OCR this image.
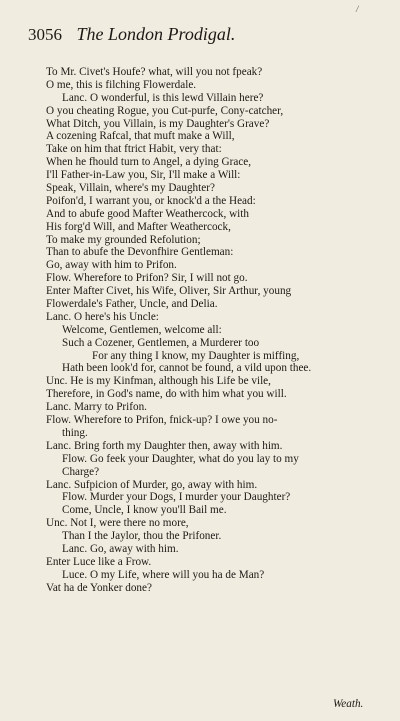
/
3056 The London Prodigal.
To Mr. Civet's Houfe? what, will you not fpeak?
O me, this is filching Flowerdale.
Lanc. O wonderful, is this lewd Villain here?
O you cheating Rogue, you Cut-purfe, Cony-catcher,
What Ditch, you Villain, is my Daughter's Grave?
A cozening Rafcal, that muft make a Will,
Take on him that ftrict Habit, very that:
When he fhould turn to Angel, a dying Grace,
I'll Father-in-Law you, Sir, I'll make a Will:
Speak, Villain, where's my Daughter?
Poifon'd, I warrant you, or knock'd a the Head:
And to abufe good Mafter Weathercock, with
His forg'd Will, and Mafter Weathercock,
To make my grounded Refolution;
Than to abufe the Devonfhire Gentleman:
Go, away with him to Prifon.
Flow. Wherefore to Prifon? Sir, I will not go.
Enter Mafter Civet, his Wife, Oliver, Sir Arthur, young
Flowerdale's Father, Uncle, and Delia.
Lanc. O here's his Uncle:
Welcome, Gentlemen, welcome all:
Such a Cozener, Gentlemen, a Murderer too
For any thing I know, my Daughter is miffing,
Hath been look'd for, cannot be found, a vild upon thee.
Unc. He is my Kinfman, although his Life be vile,
Therefore, in God's name, do with him what you will.
Lanc. Marry to Prifon.
Flow. Wherefore to Prifon, fnick-up? I owe you no-
thing.
Lanc. Bring forth my Daughter then, away with him.
Flow. Go feek your Daughter, what do you lay to my
Charge?
Lanc. Sufpicion of Murder, go, away with him.
Flow. Murder your Dogs, I murder your Daughter?
Come, Uncle, I know you'll Bail me.
Unc. Not I, were there no more,
Than I the Jaylor, thou the Prifoner.
Lanc. Go, away with him.
Enter Luce like a Frow.
Luce. O my Life, where will you ha de Man?
Vat ha de Yonker done?
Weath.
